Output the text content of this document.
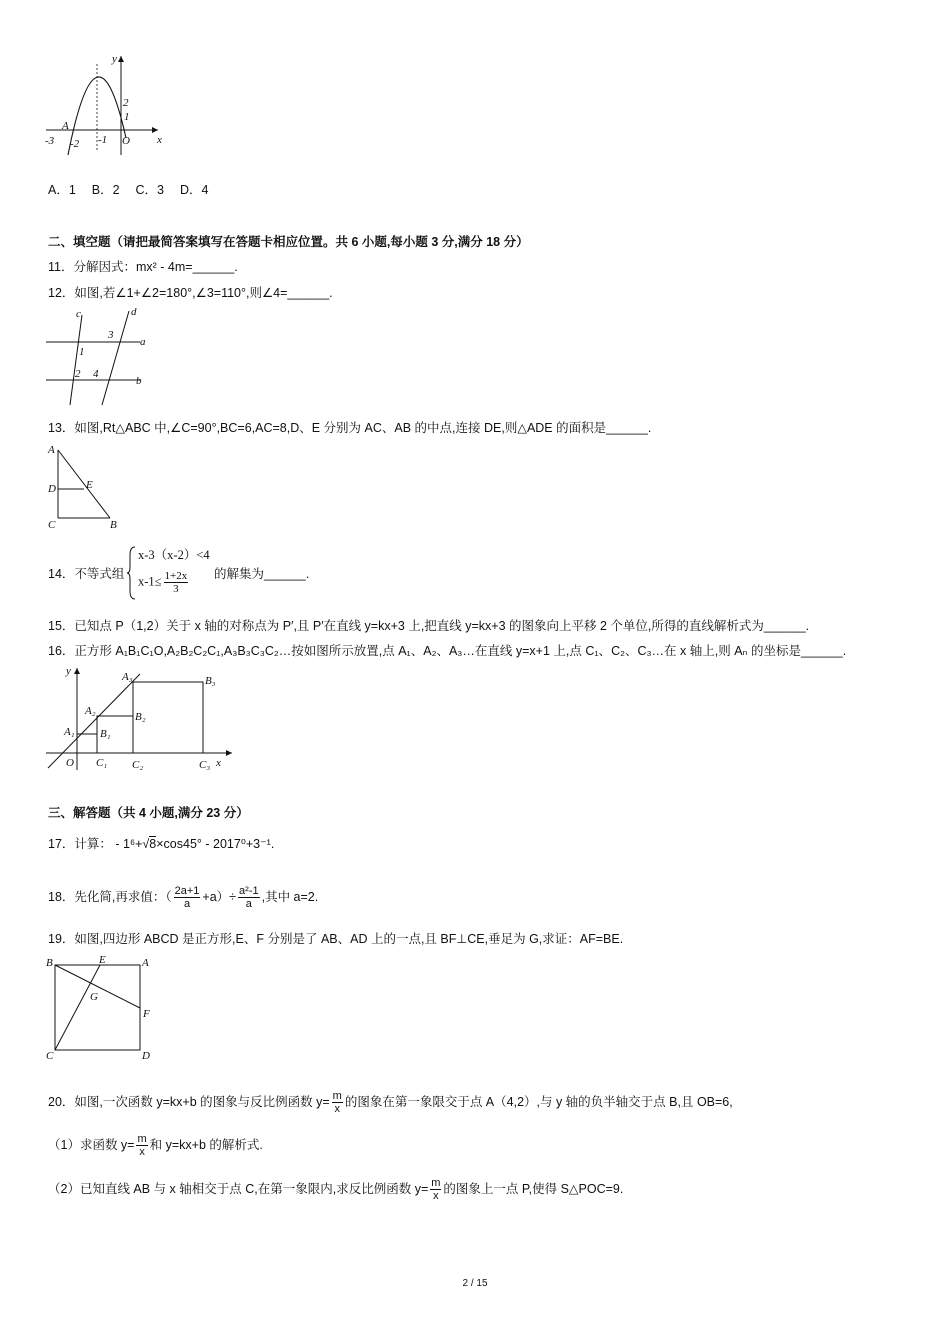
y
x
O
A
-3 -2 -1
2
1
A．1　 B．2　 C．3　 D．4
二、填空题（请把最简答案填写在答题卡相应位置。共 6 小题,每小题 3 分,满分 18 分）
11．分解因式：mx² - 4m=______.
12．如图,若∠1+∠2=180°,∠3=110°,则∠4=______.
c	d
a
b
1
2
3
4
13．如图,Rt△ABC 中,∠C=90°,BC=6,AC=8,D、E 分别为 AC、AB 的中点,连接 DE,则△ADE 的面积是______.
A
D	E
C	B
14．不等式组
x-3（x-2）<4
$x-1\le \frac{1+2x}{3}$ 的解集为______.
15．已知点 P（1,2）关于 x 轴的对称点为 P′,且 P′在直线 y=kx+3 上,把直线 y=kx+3 的图象向上平移 2 个单位,所得的直线解析式为______.
16．正方形 A₁B₁C₁O,A₂B₂C₂C₁,A₃B₃C₃C₂…按如图所示放置,点 A₁、A₂、A₃…在直线 y=x+1 上,点 C₁、C₂、C₃…在 x 轴上,则 Aₙ 的坐标是______.
y
x
O
A₁
A₂
A₃
B₁
B₂
B₃
C₁ C₂	C₃
三、解答题（共 4 小题,满分 23 分）
17．计算： - 1⁶+√8×cos45° - 2017⁰+3⁻¹.
18．先化简,再求值：（ $\frac{2a+1}{a} +a)\div \frac{\text{a²-1}}{a}$ ,其中 a=2.
19．如图,四边形 ABCD 是正方形,E、F 分别是了 AB、AD 上的一点,且 BF⊥CE,垂足为 G,求证：AF=BE.
B	E	A
G
F
C	D
20．如图,一次函数 y=kx+b 的图象与反比例函数 $y= \frac{m}{x}$ 的图象在第一象限交于点 A（4,2）,与 y 轴的负半轴交于点 B,且 OB=6,
（1）求函数 $y= \frac{m}{x}$ 和 y=kx+b 的解析式.
（2）已知直线 AB 与 x 轴相交于点 C,在第一象限内,求反比例函数 $y= \frac{m}{x}$ 的图象上一点 P,使得 S△POC=9.
2 / 15
